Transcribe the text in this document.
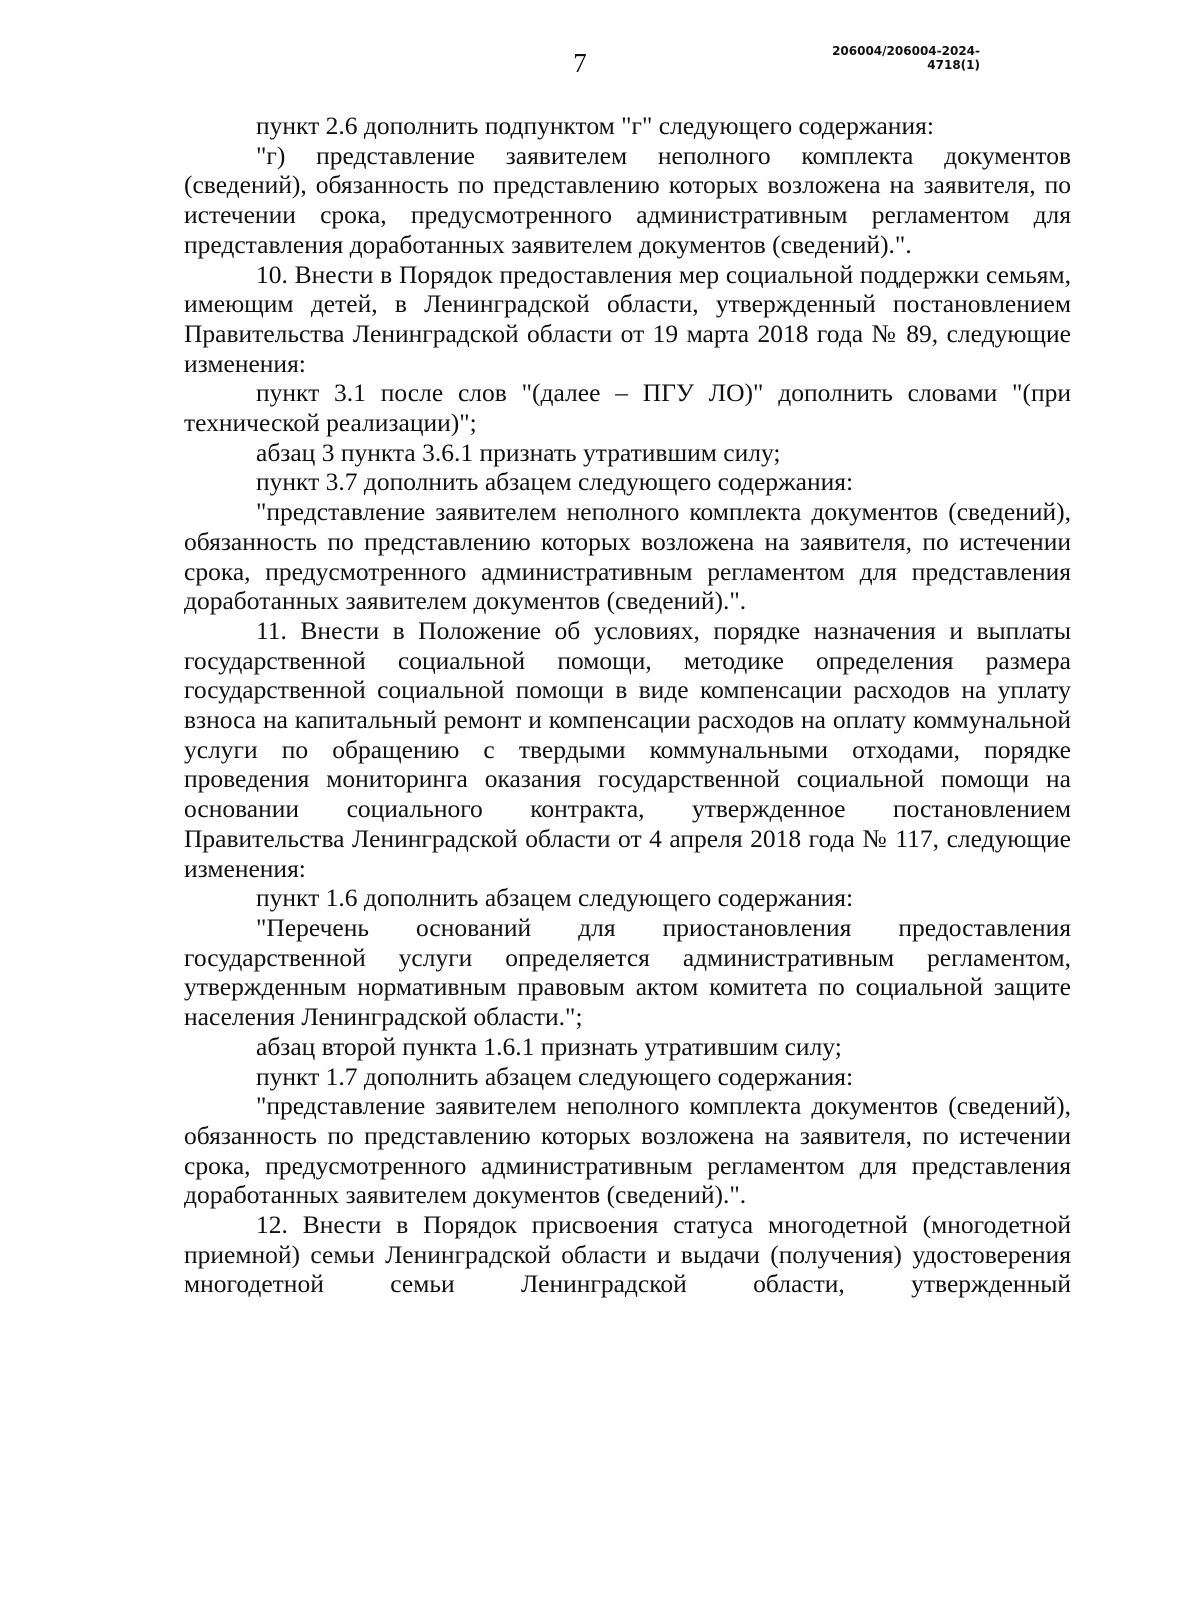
7	206004/206004-2024-4718(1)

пункт 2.6 дополнить подпунктом "г" следующего содержания:

"г) представление заявителем неполного комплекта документов (сведений), обязанность по представлению которых возложена на заявителя, по истечении срока, предусмотренного административным регламентом для представления доработанных заявителем документов (сведений).".

10. Внести в Порядок предоставления мер социальной поддержки семьям, имеющим детей, в Ленинградской области, утвержденный постановлением Правительства Ленинградской области от 19 марта 2018 года № 89, следующие изменения:

пункт 3.1 после слов "(далее – ПГУ ЛО)" дополнить словами "(при технической реализации)";

абзац 3 пункта 3.6.1 признать утратившим силу;

пункт 3.7 дополнить абзацем следующего содержания:

"представление заявителем неполного комплекта документов (сведений), обязанность по представлению которых возложена на заявителя, по истечении срока, предусмотренного административным регламентом для представления доработанных заявителем документов (сведений).".

11. Внести в Положение об условиях, порядке назначения и выплаты государственной социальной помощи, методике определения размера государственной социальной помощи в виде компенсации расходов на уплату взноса на капитальный ремонт и компенсации расходов на оплату коммунальной услуги по обращению с твердыми коммунальными отходами, порядке проведения мониторинга оказания государственной социальной помощи на основании социального контракта, утвержденное постановлением Правительства Ленинградской области от 4 апреля 2018 года № 117, следующие изменения:

пункт 1.6 дополнить абзацем следующего содержания:

"Перечень оснований для приостановления предоставления государственной услуги определяется административным регламентом, утвержденным нормативным правовым актом комитета по социальной защите населения Ленинградской области.";

абзац второй пункта 1.6.1 признать утратившим силу;

пункт 1.7 дополнить абзацем следующего содержания:

"представление заявителем неполного комплекта документов (сведений), обязанность по представлению которых возложена на заявителя, по истечении срока, предусмотренного административным регламентом для представления доработанных заявителем документов (сведений).".

12. Внести в Порядок присвоения статуса многодетной (многодетной приемной) семьи Ленинградской области и выдачи (получения) удостоверения многодетной семьи Ленинградской области, утвержденный
